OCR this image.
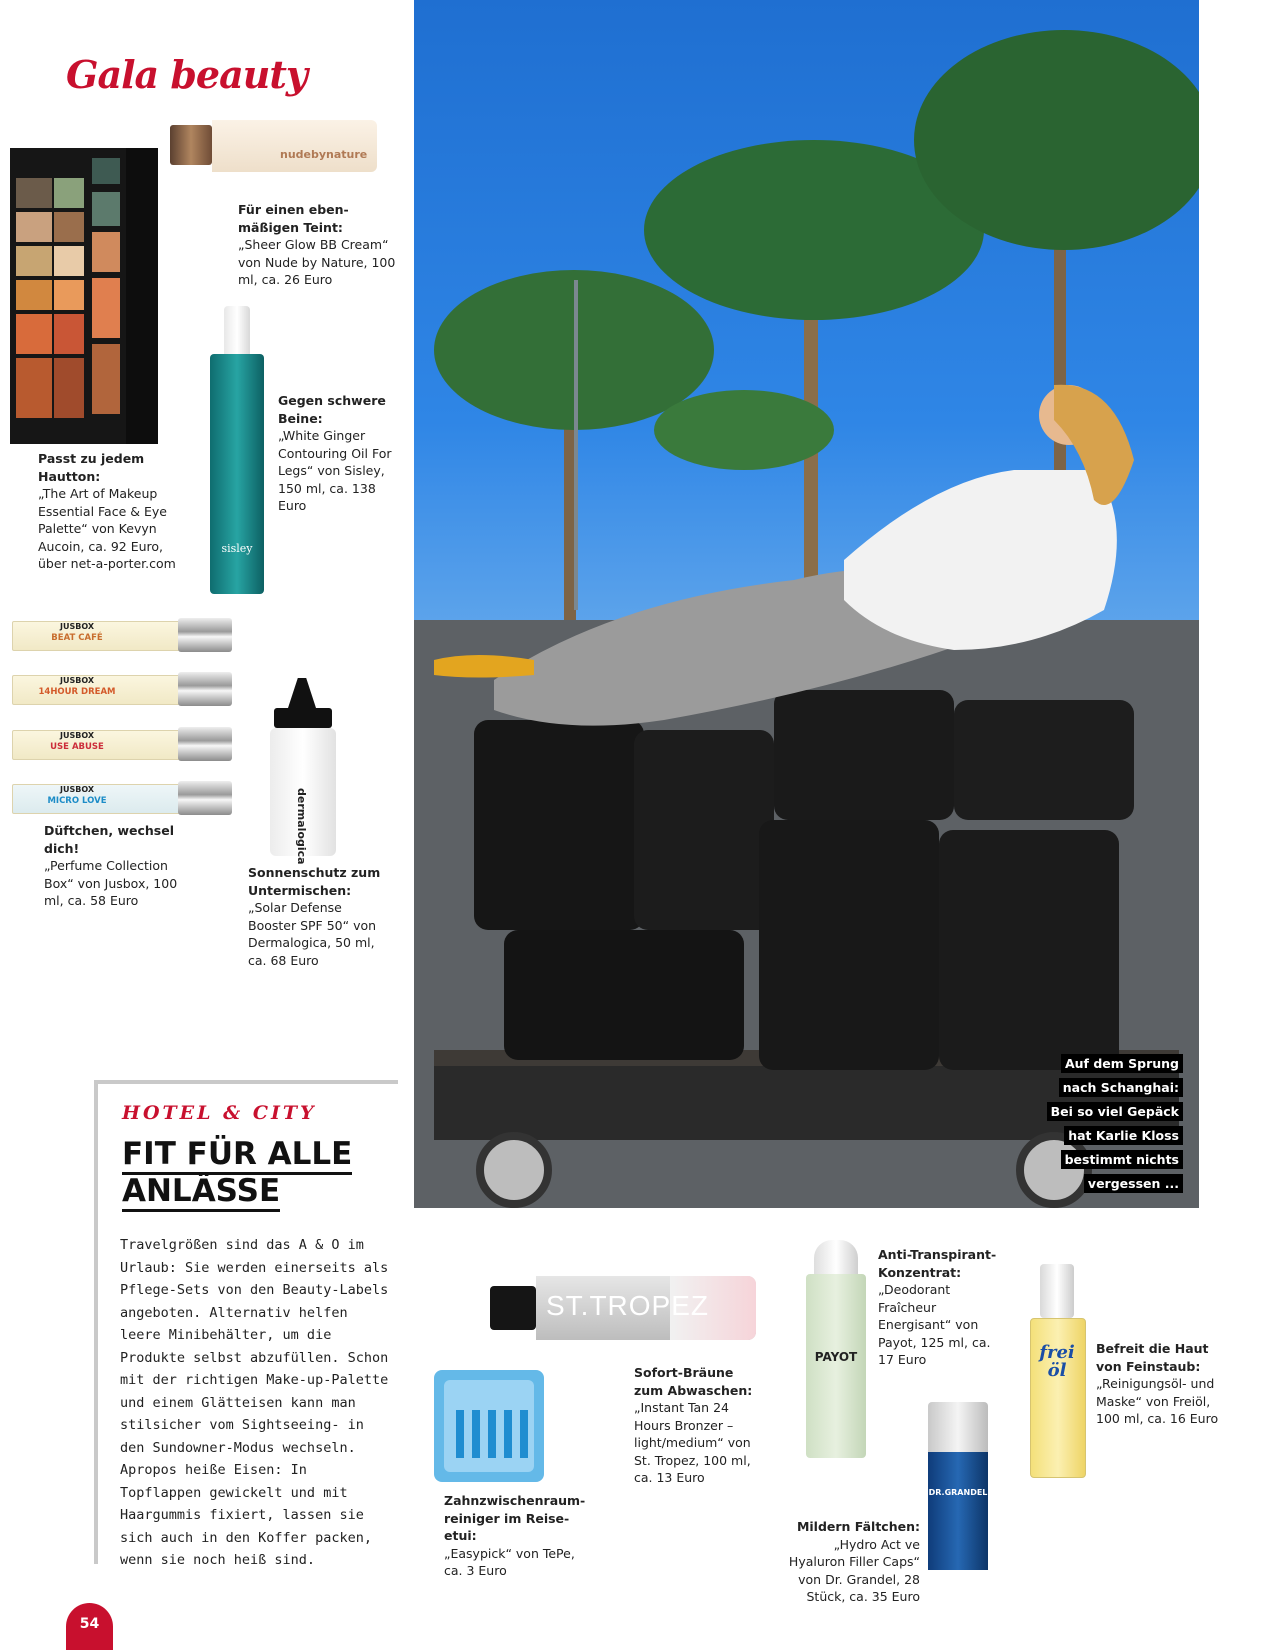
Gala beauty
nudebynature
Für einen eben-mäßigen Teint:
„Sheer Glow BB Cream“ von Nude by Nature, 100 ml, ca. 26 Euro
sisley
Gegen schwere Beine:
„White Ginger Contouring Oil For Legs“ von Sisley, 150 ml, ca. 138 Euro
Passt zu jedem Hautton:
„The Art of Makeup Essential Face & Eye Palette“ von Kevyn Aucoin, ca. 92 Euro, über net-a-porter.com
JUSBOX
BEAT CAFÉ
JUSBOX
14HOUR DREAM
JUSBOX
USE ABUSE
JUSBOX
MICRO LOVE
Düftchen, wechsel dich!
„Perfume Collection Box“ von Jusbox, 100 ml, ca. 58 Euro
dermalogica
Sonnenschutz zum Untermischen:
„Solar Defense Booster SPF 50“ von Dermalogica, 50 ml, ca. 68 Euro
Auf dem Sprung
nach Schanghai:
Bei so viel Gepäck
hat Karlie Kloss
bestimmt nichts
vergessen ...
HOTEL & CITY
FIT FÜR ALLE
ANLÄSSE
Travelgrößen sind das A & O im Urlaub: Sie werden einerseits als Pflege-Sets von den Beauty-Labels angeboten. Alternativ helfen leere Minibehälter, um die Produkte selbst abzufüllen. Schon mit der richtigen Make-up-Palette und einem Glätteisen kann man stilsicher vom Sightseeing- in den Sundowner-Modus wechseln. Apropos heiße Eisen: In Topflappen gewickelt und mit Haargummis fixiert, lassen sie sich auch in den Koffer packen, wenn sie noch heiß sind.
ST.TROPEZ
Sofort-Bräune zum Abwaschen:
„Instant Tan 24 Hours Bronzer – light/medium“ von St. Tropez, 100 ml, ca. 13 Euro
Zahnzwischenraum-reiniger im Reise-etui:
„Easypick“ von TePe, ca. 3 Euro
PAYOT
Anti-Transpirant-Konzentrat:
„Deodorant Fraîcheur Energisant“ von Payot, 125 ml, ca. 17 Euro	frei öl
Befreit die Haut von Feinstaub:
„Reinigungsöl- und Maske“ von Freiöl, 100 ml, ca. 16 Euro
DR.GRANDEL
Mildern Fältchen:
„Hydro Act ve Hyaluron Filler Caps“ von Dr. Grandel, 28 Stück, ca. 35 Euro
54
